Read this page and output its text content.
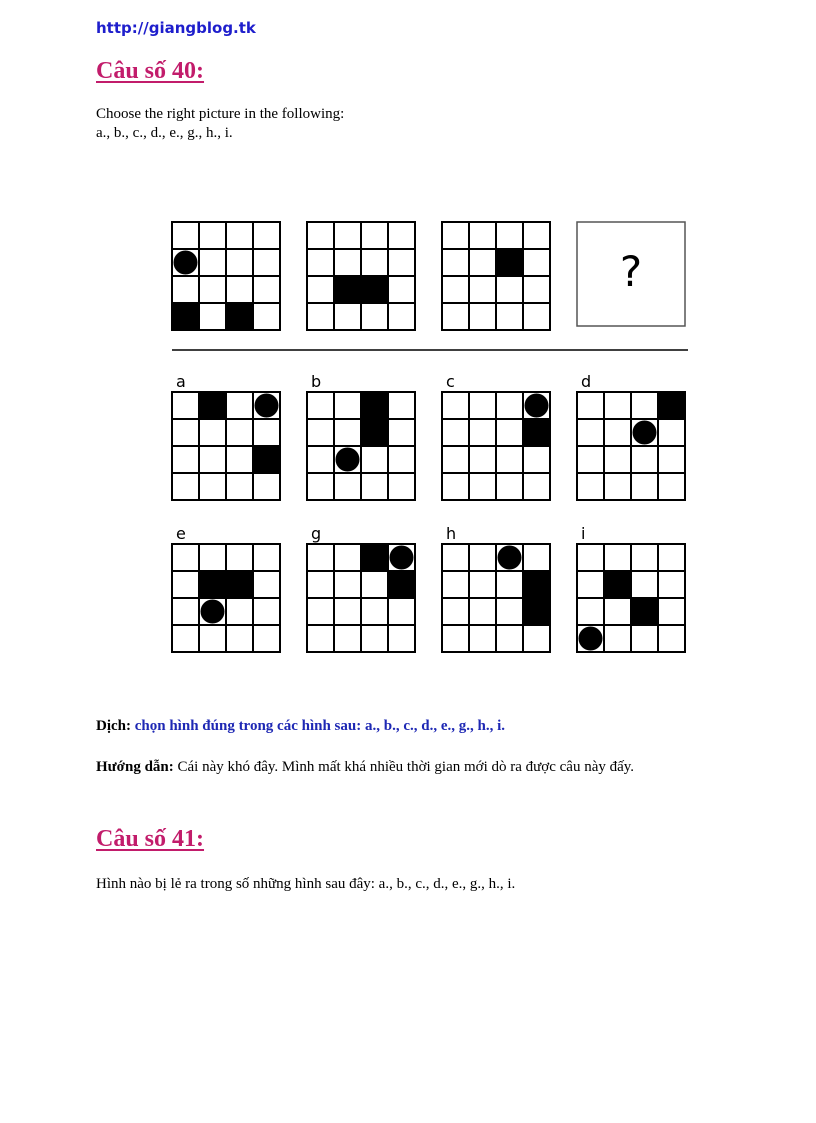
http://giangblog.tk
Câu số 40:
Choose the right picture in the following:
a., b., c., d., e., g., h., i.
?
a	b	c	d
e	g	h	i
Dịch: chọn hình đúng trong các hình sau: a., b., c., d., e., g., h., i.
Hướng dẫn: Cái này khó đây. Mình mất khá nhiều thời gian mới dò ra được câu này đấy.
Câu số 41:
Hình nào bị lẻ ra trong số những hình sau đây: a., b., c., d., e., g., h., i.
